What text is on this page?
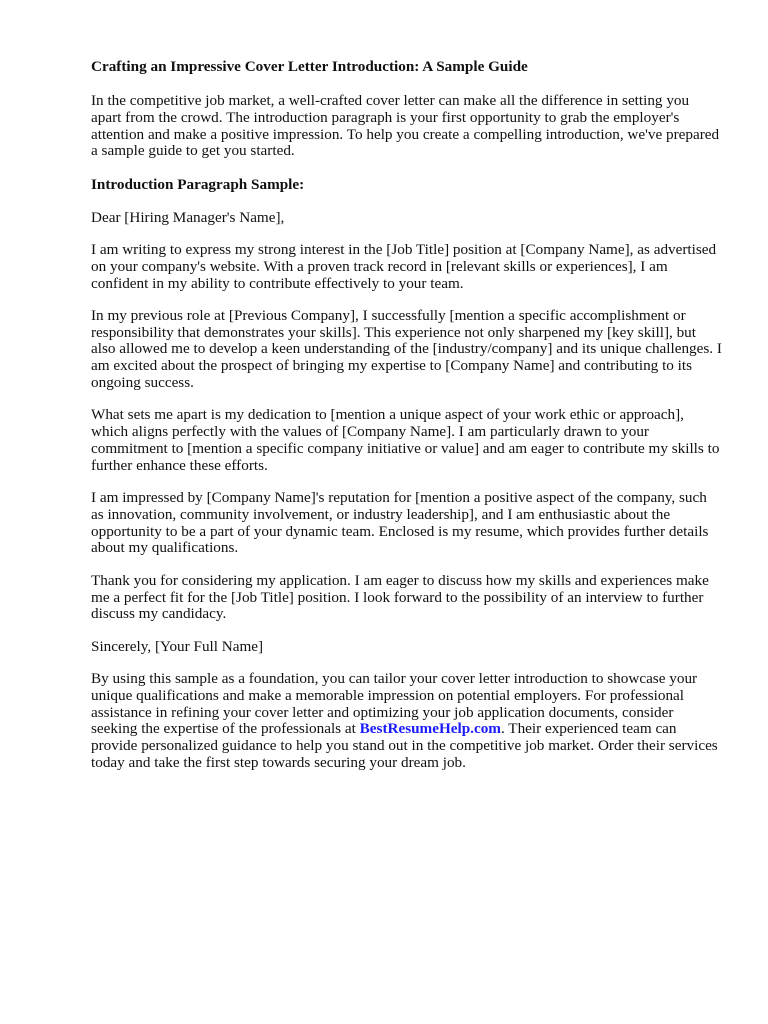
Crafting an Impressive Cover Letter Introduction: A Sample Guide

In the competitive job market, a well-crafted cover letter can make all the difference in setting you apart from the crowd. The introduction paragraph is your first opportunity to grab the employer's attention and make a positive impression. To help you create a compelling introduction, we've prepared a sample guide to get you started.

Introduction Paragraph Sample:

Dear [Hiring Manager's Name],

I am writing to express my strong interest in the [Job Title] position at [Company Name], as advertised on your company's website. With a proven track record in [relevant skills or experiences], I am confident in my ability to contribute effectively to your team.

In my previous role at [Previous Company], I successfully [mention a specific accomplishment or responsibility that demonstrates your skills]. This experience not only sharpened my [key skill], but also allowed me to develop a keen understanding of the [industry/company] and its unique challenges. I am excited about the prospect of bringing my expertise to [Company Name] and contributing to its ongoing success.

What sets me apart is my dedication to [mention a unique aspect of your work ethic or approach], which aligns perfectly with the values of [Company Name]. I am particularly drawn to your commitment to [mention a specific company initiative or value] and am eager to contribute my skills to further enhance these efforts.

I am impressed by [Company Name]'s reputation for [mention a positive aspect of the company, such as innovation, community involvement, or industry leadership], and I am enthusiastic about the opportunity to be a part of your dynamic team. Enclosed is my resume, which provides further details about my qualifications.

Thank you for considering my application. I am eager to discuss how my skills and experiences make me a perfect fit for the [Job Title] position. I look forward to the possibility of an interview to further discuss my candidacy.

Sincerely, [Your Full Name]

By using this sample as a foundation, you can tailor your cover letter introduction to showcase your unique qualifications and make a memorable impression on potential employers. For professional assistance in refining your cover letter and optimizing your job application documents, consider seeking the expertise of the professionals at BestResumeHelp.com. Their experienced team can provide personalized guidance to help you stand out in the competitive job market. Order their services today and take the first step towards securing your dream job.
